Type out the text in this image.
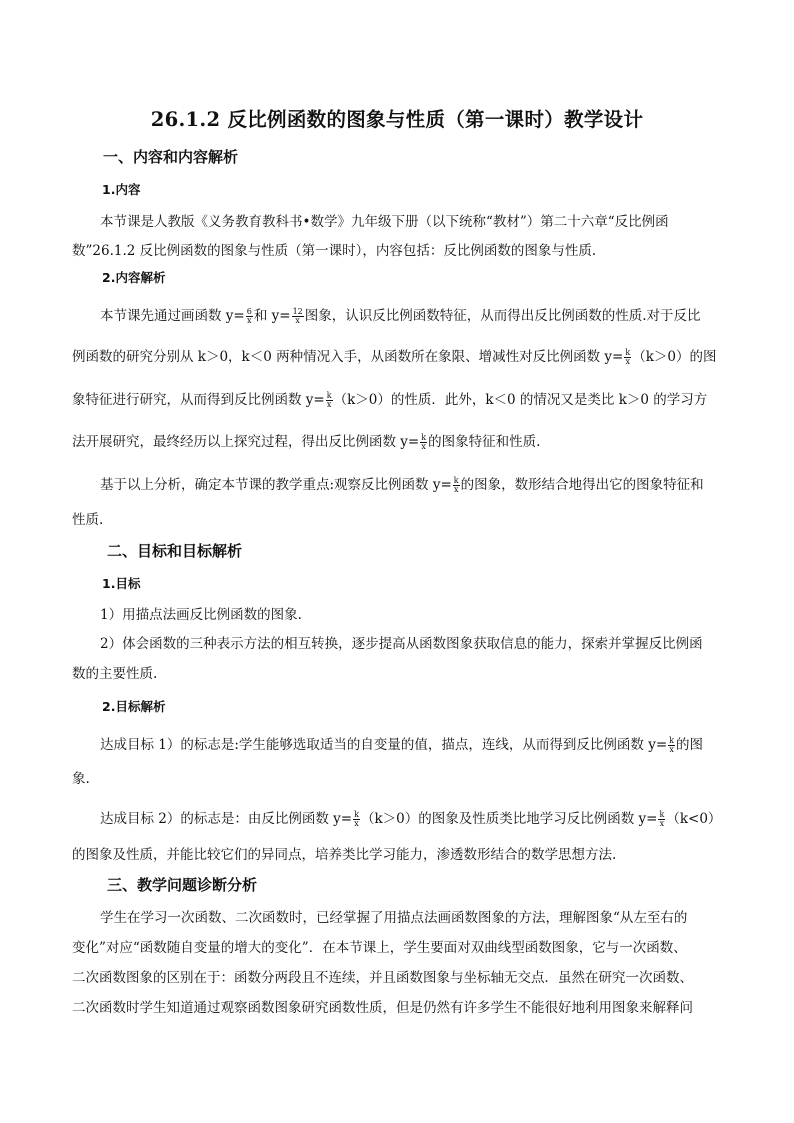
26.1.2 反比例函数的图象与性质（第一课时）教学设计
一、内容和内容解析
1.内容
本节课是人教版《义务教育教科书•数学》九年级下册（以下统称“教材”）第二十六章“反比例函
数”26.1.2 反比例函数的图象与性质（第一课时），内容包括：反比例函数的图象与性质.
2.内容解析
本节课先通过画函数 $y= \frac{6}{x}$ 和 $y= \frac{12}{x}$ 图象，认识反比例函数特征，从而得出反比例函数的性质.对于反比
例函数的研究分别从 k＞0，k＜0 两种情况入手，从函数所在象限、增减性对反比例函数 $y= \frac{k}{x} (k>0)$的图
象特征进行研究，从而得到反比例函数 $y= \frac{k}{x} (k>0)$的性质．此外，k＜0 的情况又是类比 k＞0 的学习方
法开展研究，最终经历以上探究过程，得出反比例函数 $y= \frac{k}{x}$ 的图象特征和性质.
基于以上分析，确定本节课的教学重点:观察反比例函数 $y= \frac{k}{x}$ 的图象，数形结合地得出它的图象特征和
性质.
二、目标和目标解析
1.目标
1）用描点法画反比例函数的图象.
2）体会函数的三种表示方法的相互转换，逐步提高从函数图象获取信息的能力，探索并掌握反比例函
数的主要性质.
2.目标解析
达成目标 1）的标志是:学生能够选取适当的自变量的值，描点，连线，从而得到反比例函数 $y= \frac{k}{x}$ 的图
象.
达成目标 2）的标志是：由反比例函数 $y= \frac{k}{x} (k>0)$的图象及性质类比地学习反比例函数 $y= \frac{k}{x} (k<0)$
的图象及性质，并能比较它们的异同点，培养类比学习能力，渗透数形结合的数学思想方法.
三、教学问题诊断分析
学生在学习一次函数、二次函数时，已经掌握了用描点法画函数图象的方法，理解图象“从左至右的
变化”对应“函数随自变量的增大的变化”．在本节课上，学生要面对双曲线型函数图象，它与一次函数、
二次函数图象的区别在于：函数分两段且不连续，并且函数图象与坐标轴无交点．虽然在研究一次函数、
二次函数时学生知道通过观察函数图象研究函数性质，但是仍然有许多学生不能很好地利用图象来解释问
